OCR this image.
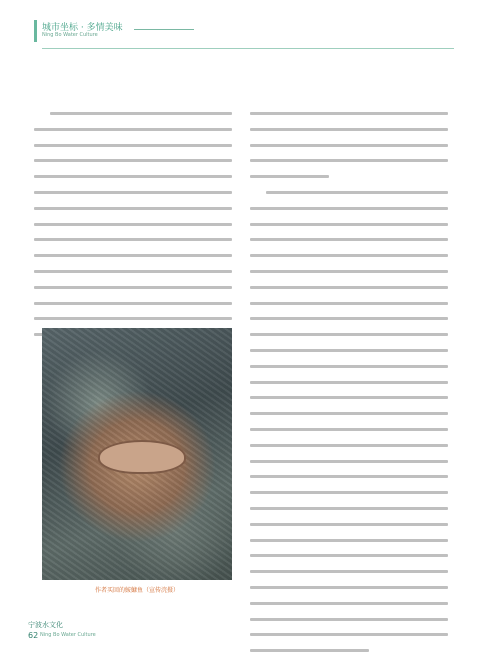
城市坐标 · 多情美味
Ning Bo Water Culture
作者买回的鮟鱇鱼（宣传浣摄）
宁波水文化
62 Ning Bo Water Culture
